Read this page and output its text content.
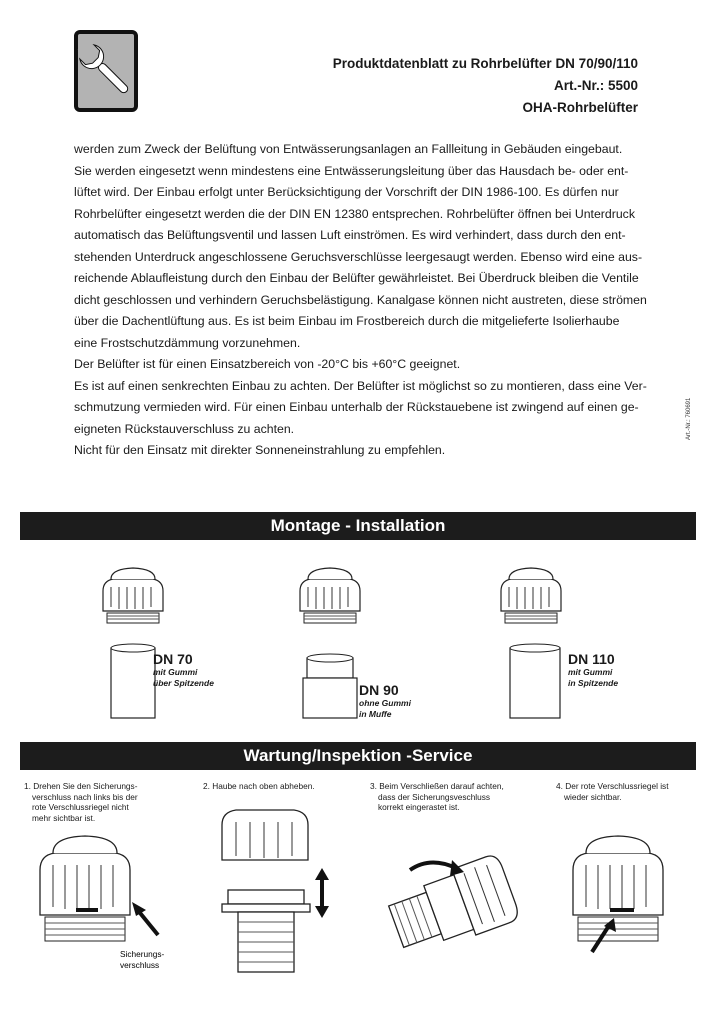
Produktdatenblatt zu Rohrbelüfter DN 70/90/110
Art.-Nr.: 5500
OHA-Rohrbelüfter

werden zum Zweck der Belüftung von Entwässerungsanlagen an Fallleitung in Gebäuden eingebaut.

Sie werden eingesetzt wenn mindestens eine Entwässerungsleitung über das Hausdach be- oder ent-

lüftet wird. Der Einbau erfolgt unter Berücksichtigung der Vorschrift der DIN 1986-100. Es dürfen nur

Rohrbelüfter eingesetzt werden die der DIN EN 12380 entsprechen. Rohrbelüfter öffnen bei Unterdruck

automatisch das Belüftungsventil und lassen Luft einströmen. Es wird verhindert, dass durch den ent-

stehenden Unterdruck angeschlossene Geruchsverschlüsse leergesaugt werden. Ebenso wird eine aus-

reichende Ablaufleistung durch den Einbau der Belüfter gewährleistet. Bei Überdruck bleiben die Ventile

dicht geschlossen und verhindern Geruchsbelästigung. Kanalgase können nicht austreten, diese strömen

über die Dachentlüftung aus. Es ist beim Einbau im Frostbereich durch die mitgelieferte Isolierhaube

eine Frostschutzdämmung vorzunehmen.

Der Belüfter ist für einen Einsatzbereich von -20°C bis +60°C geeignet.

Es ist auf einen senkrechten Einbau zu achten. Der Belüfter ist möglichst so zu montieren, dass eine Ver-

schmutzung vermieden wird. Für einen Einbau unterhalb der Rückstauebene ist zwingend auf einen ge-

eigneten Rückstauverschluss zu achten.

Nicht für den Einsatz mit direkter Sonneneinstrahlung zu empfehlen.

Art.-Nr.: 760691
Montage - Installation
DN 70
mit Gummi
über Spitzende	DN 90
ohne Gummi
in Muffe
DN 110
mit Gummi
in Spitzende
Wartung/Inspektion -Service
1. Drehen Sie den Sicherungs-
verschluss nach links bis der
rote Verschlussriegel nicht
mehr sichtbar ist.
2. Haube nach oben abheben.	3. Beim Verschließen darauf achten,
dass der Sicherungsveschluss
korrekt eingerastet ist.
4. Der rote Verschlussriegel ist
wieder sichtbar.
Sicherungs-
verschluss
